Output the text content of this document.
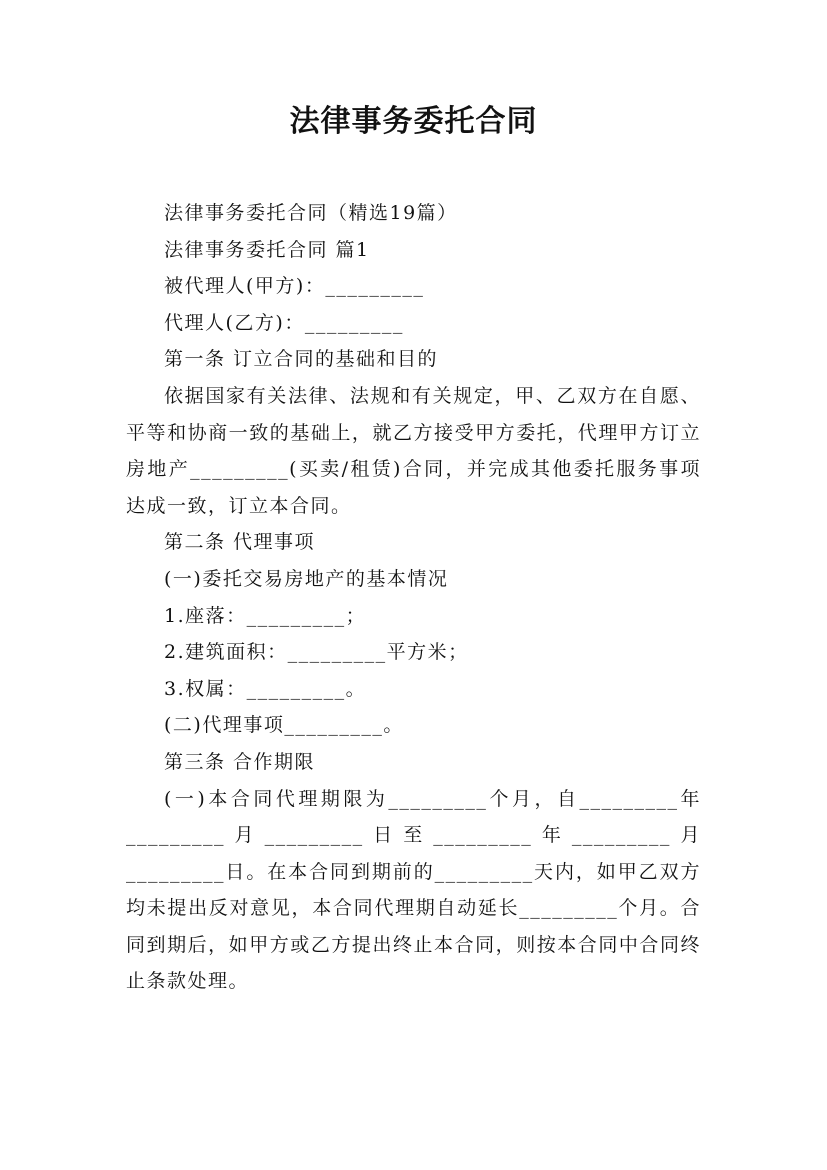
法律事务委托合同

法律事务委托合同（精选19篇）

法律事务委托合同 篇1

被代理人(甲方)：_________

代理人(乙方)：_________

第一条 订立合同的基础和目的

依据国家有关法律、法规和有关规定，甲、乙双方在自愿、平等和协商一致的基础上，就乙方接受甲方委托，代理甲方订立房地产_________(买卖/租赁)合同，并完成其他委托服务事项达成一致，订立本合同。

第二条 代理事项

(一)委托交易房地产的基本情况

1.座落：_________；

2.建筑面积：_________平方米；

3.权属：_________。

(二)代理事项_________。

第三条 合作期限

(一)本合同代理期限为_________个月，自_________年_________月_________日至_________年_________月_________日。在本合同到期前的_________天内，如甲乙双方均未提出反对意见，本合同代理期自动延长_________个月。合同到期后，如甲方或乙方提出终止本合同，则按本合同中合同终止条款处理。
